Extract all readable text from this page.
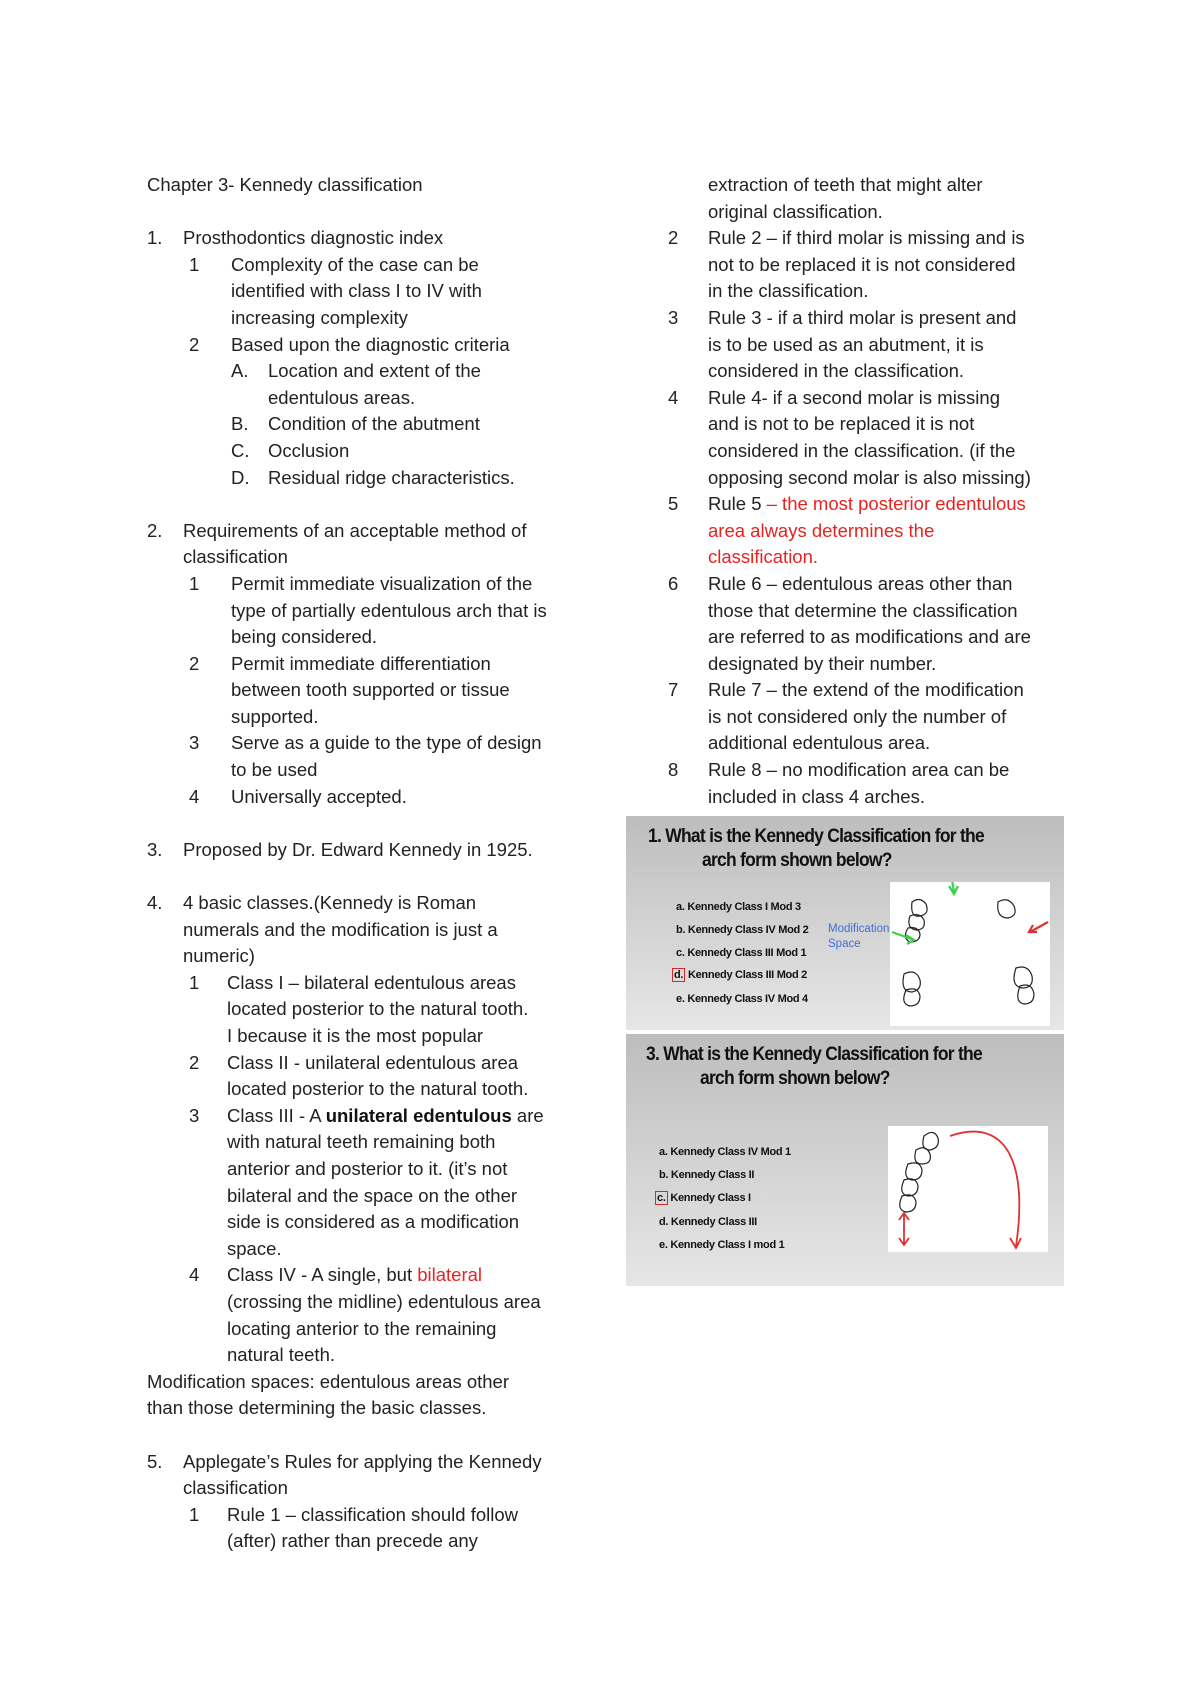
Chapter 3- Kennedy classification
1. Prosthodontics diagnostic index
1 Complexity of the case can be
identified with class I to IV with
increasing complexity
2 Based upon the diagnostic criteria
A. Location and extent of the
edentulous areas.
B. Condition of the abutment
C. Occlusion
D. Residual ridge characteristics.
2. Requirements of an acceptable method of
classification
1 Permit immediate visualization of the
type of partially edentulous arch that is
being considered.
2 Permit immediate differentiation
between tooth supported or tissue
supported.
3 Serve as a guide to the type of design
to be used
4 Universally accepted.
3. Proposed by Dr. Edward Kennedy in 1925.
4. 4 basic classes.(Kennedy is Roman
numerals and the modification is just a
numeric)
1 Class I – bilateral edentulous areas
located posterior to the natural tooth.
I because it is the most popular
2 Class II - unilateral edentulous area
located posterior to the natural tooth.
3 Class III - A unilateral edentulous are
with natural teeth remaining both
anterior and posterior to it. (it’s not
bilateral and the space on the other
side is considered as a modification
space.
4 Class IV - A single, but bilateral
(crossing the midline) edentulous area
locating anterior to the remaining
natural teeth.
Modification spaces: edentulous areas other
than those determining the basic classes.
5. Applegate’s Rules for applying the Kennedy
classification
1 Rule 1 – classification should follow
(after) rather than precede any
extraction of teeth that might alter
original classification.
2 Rule 2 – if third molar is missing and is
not to be replaced it is not considered
in the classification.
3 Rule 3 - if a third molar is present and
is to be used as an abutment, it is
considered in the classification.
4 Rule 4- if a second molar is missing
and is not to be replaced it is not
considered in the classification. (if the
opposing second molar is also missing)
5 Rule 5 – the most posterior edentulous
area always determines the
classification.
6 Rule 6 – edentulous areas other than
those that determine the classification
are referred to as modifications and are
designated by their number.
7 Rule 7 – the extend of the modification
is not considered only the number of
additional edentulous area.
8 Rule 8 – no modification area can be
included in class 4 arches.
1. What is the Kennedy Classification for the
arch form shown below?
a. Kennedy Class I Mod 3
b. Kennedy Class IV Mod 2
c. Kennedy Class III Mod 1
d. Kennedy Class III Mod 2
e. Kennedy Class IV Mod 4
Modification
Space
3. What is the Kennedy Classification for the
arch form shown below?
a. Kennedy Class IV Mod 1
b. Kennedy Class II
c. Kennedy Class I
d. Kennedy Class III
e. Kennedy Class I mod 1
